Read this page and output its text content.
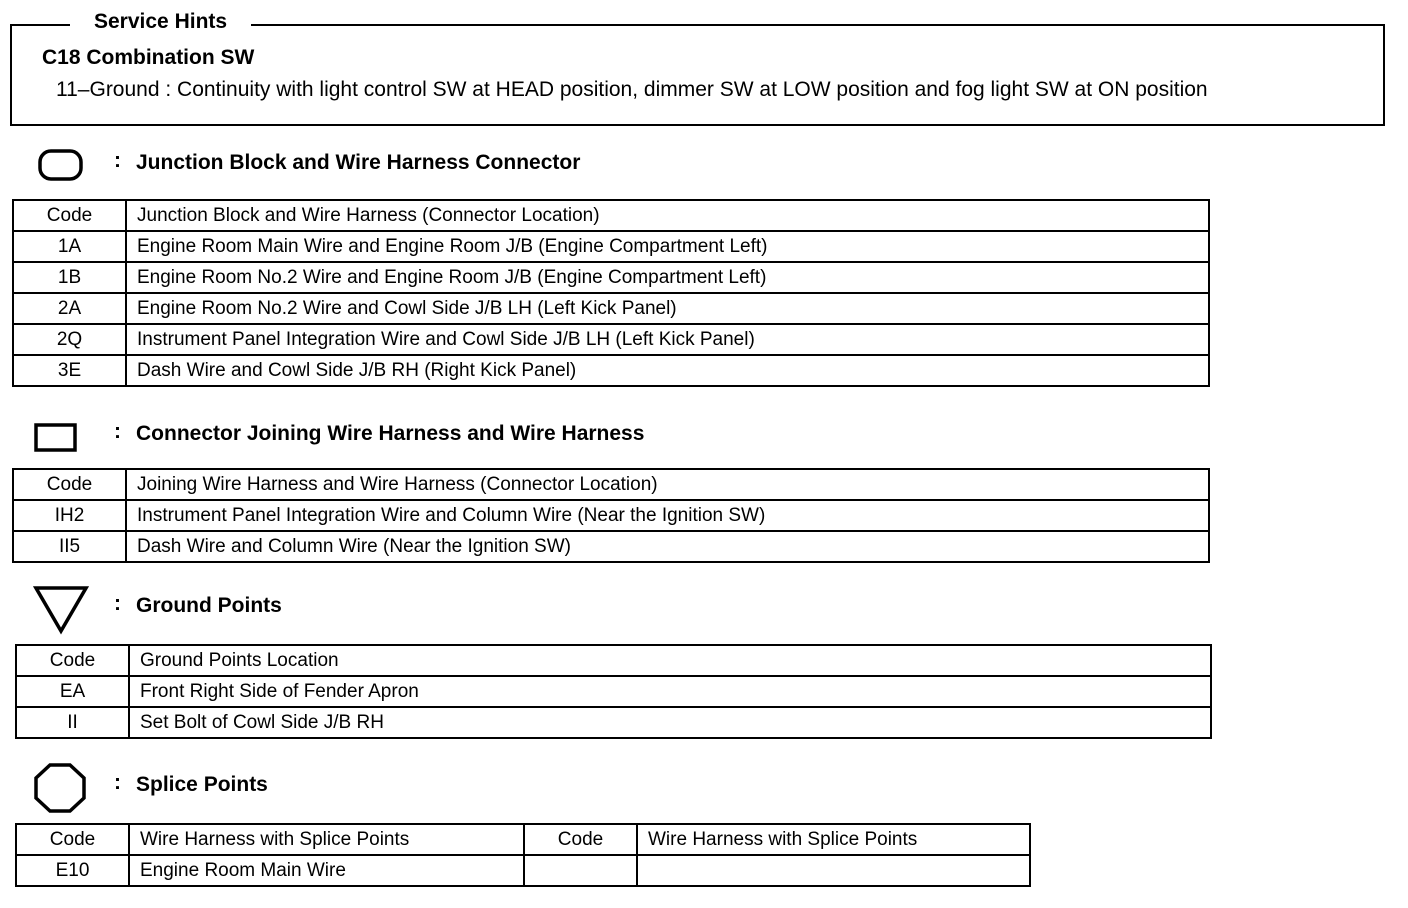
C18 Combination SW
11–Ground : Continuity with light control SW at HEAD position, dimmer SW at LOW position and fog light SW at ON position
Service Hints
: Junction Block and Wire Harness Connector
Code	Junction Block and Wire Harness (Connector Location)
1A	Engine Room Main Wire and Engine Room J/B (Engine Compartment Left)
1B	Engine Room No.2 Wire and Engine Room J/B (Engine Compartment Left)
2A	Engine Room No.2 Wire and Cowl Side J/B LH (Left Kick Panel)
2Q	Instrument Panel Integration Wire and Cowl Side J/B LH (Left Kick Panel)
3E	Dash Wire and Cowl Side J/B RH (Right Kick Panel)
: Connector Joining Wire Harness and Wire Harness
Code	Joining Wire Harness and Wire Harness (Connector Location)
IH2	Instrument Panel Integration Wire and Column Wire (Near the Ignition SW)
II5	Dash Wire and Column Wire (Near the Ignition SW)
: Ground Points
Code	Ground Points Location
EA	Front Right Side of Fender Apron
II	Set Bolt of Cowl Side J/B RH
: Splice Points
Code	Wire Harness with Splice Points	Code	Wire Harness with Splice Points
E10	Engine Room Main Wire		
